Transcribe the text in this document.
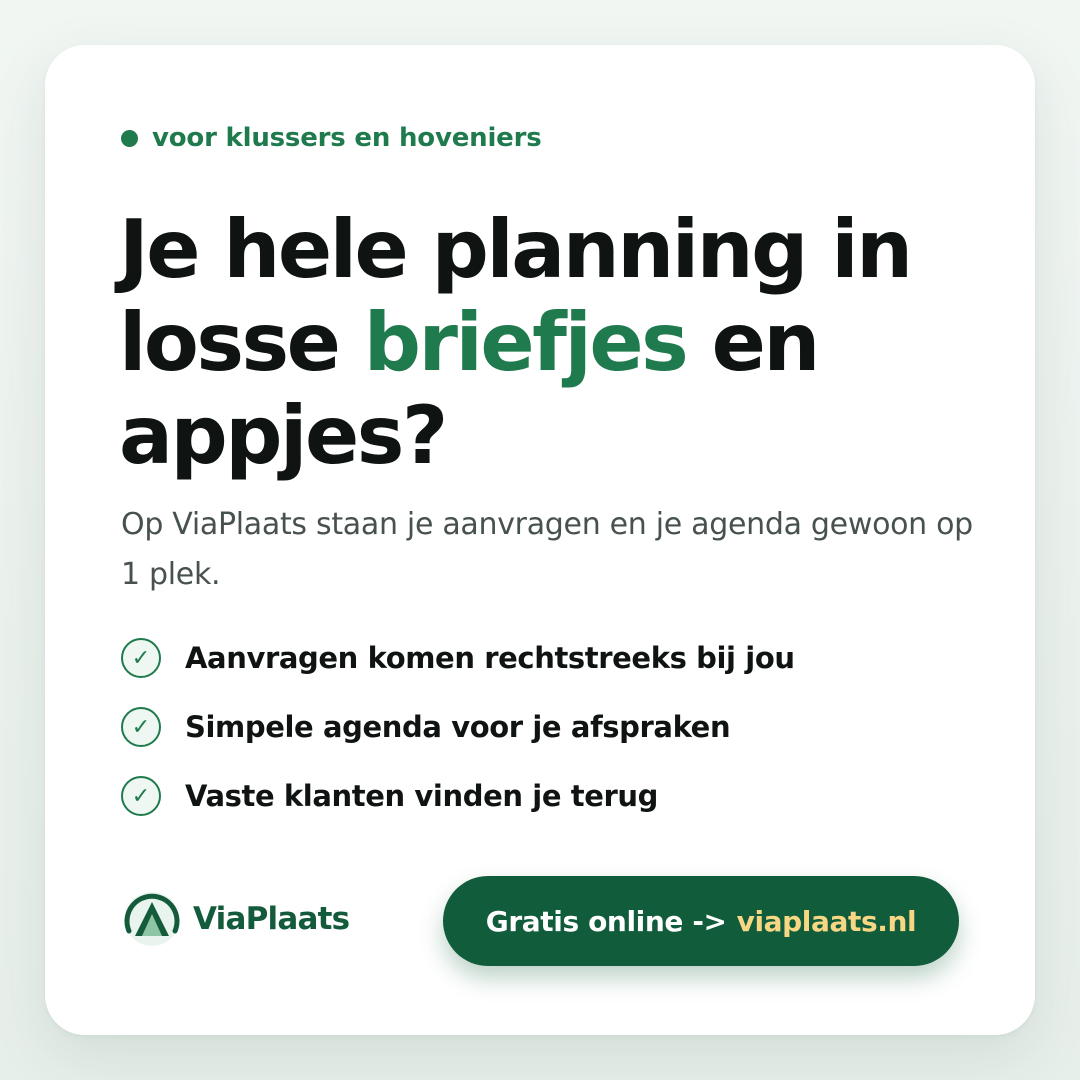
voor klussers en hoveniers
Je hele planning in losse briefjes en appjes?

Op ViaPlaats staan je aanvragen en je agenda gewoon op 1 plek.

✓	Aanvragen komen rechtstreeks bij jou
✓	Simpele agenda voor je afspraken
✓	Vaste klanten vinden je terug
ViaPlaats	Gratis online -> viaplaats.nl
